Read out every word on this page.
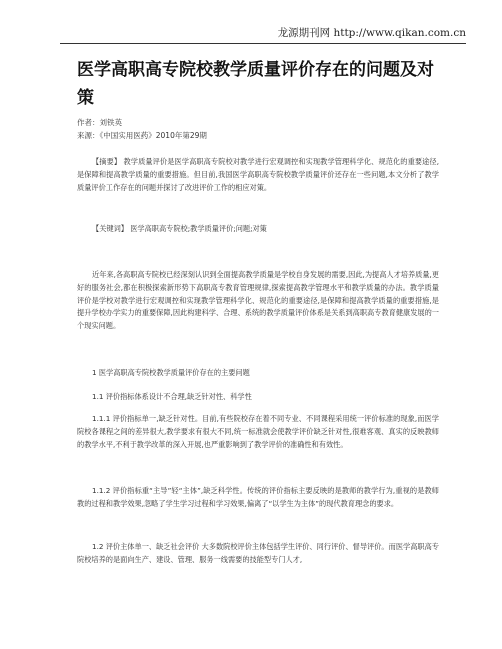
龙源期刊网 http://www.qikan.com.cn
医学高职高专院校教学质量评价存在的问题及对策
作者：刘铁英
来源：《中国实用医药》2010年第29期

【摘要】 教学质量评价是医学高职高专院校对教学进行宏观调控和实现教学管理科学化、规范化的重要途径,是保障和提高教学质量的重要措施。但目前,我国医学高职高专院校教学质量评价还存在一些问题,本文分析了教学质量评价工作存在的问题并探讨了改进评价工作的相应对策。

【关键词】 医学高职高专院校;教学质量评价;问题;对策

近年来,各高职高专院校已经深刻认识到全面提高教学质量是学校自身发展的需要,因此,为提高人才培养质量,更好的服务社会,都在积极探索新形势下高职高专教育管理规律,探索提高教学管理水平和教学质量的办法。教学质量评价是学校对教学进行宏观调控和实现教学管理科学化、规范化的重要途径,是保障和提高教学质量的重要措施,是提升学校办学实力的重要保障,因此构建科学、合理、系统的教学质量评价体系是关系到高职高专教育健康发展的一个现实问题。

1 医学高职高专院校教学质量评价存在的主要问题

1.1 评价指标体系设计不合理,缺乏针对性、科学性

1.1.1 评价指标单一,缺乏针对性。目前,有些院校存在着不同专业、不同课程采用统一评价标准的现象,而医学院校各课程之间的差异很大,教学要求有很大不同,统一标准就会使教学评价缺乏针对性,很难客观、真实的反映教师的教学水平,不利于教学改革的深入开展,也严重影响到了教学评价的准确性和有效性。

1.1.2 评价指标重“主导”轻“主体”,缺乏科学性。传统的评价指标主要反映的是教师的教学行为,重视的是教师教的过程和教学效果,忽略了学生学习过程和学习效果,偏离了“以学生为主体”的现代教育理念的要求。

1.2 评价主体单一、缺乏社会评价 大多数院校评价主体包括学生评价、同行评价、督导评价。而医学高职高专院校培养的是面向生产、建设、管理、服务一线需要的技能型专门人才,
